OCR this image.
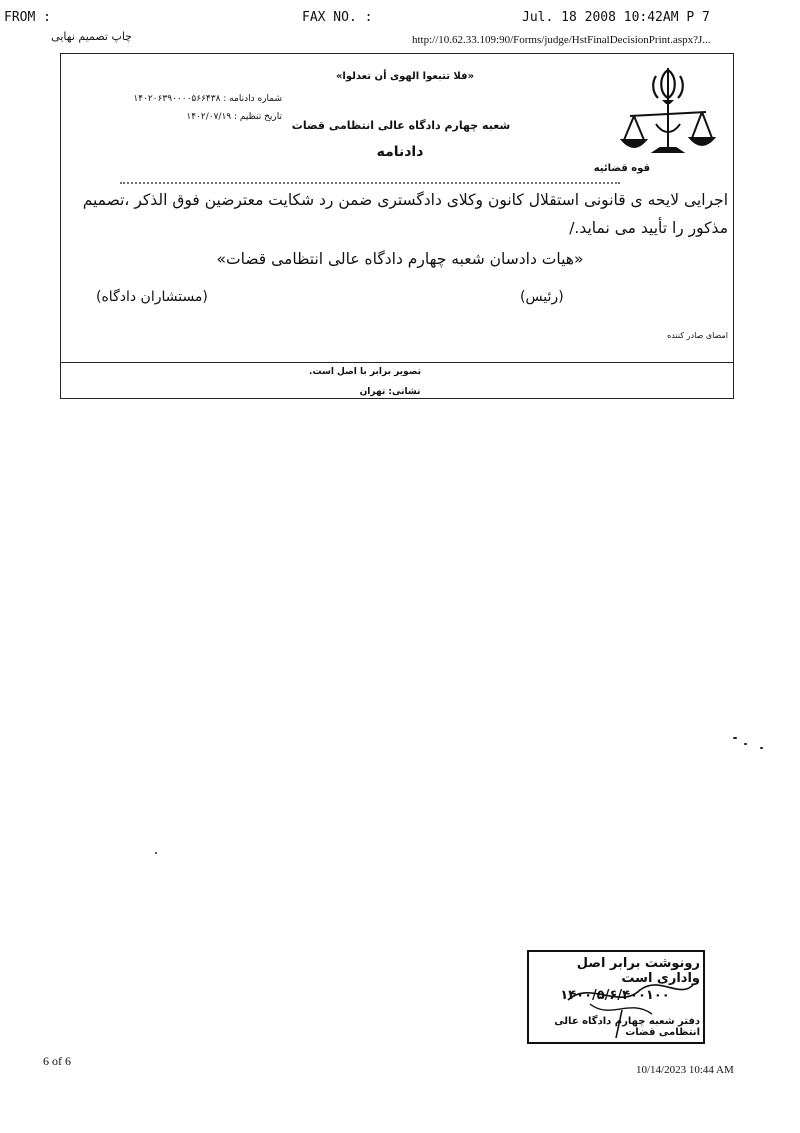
FROM :	FAX NO. :	Jul. 18 2008 10:42AM P 7
چاپ تصمیم نهایی	http://10.62.33.109:90/Forms/judge/HstFinalDecisionPrint.aspx?J...
قوه قضائیه
«فلا تتبعوا الهوی أن تعدلوا»
شعبه چهارم دادگاه عالی انتظامی قضات
دادنامه
شماره دادنامه : ۱۴۰۲۰۶۳۹۰۰۰۰۵۶۶۴۳۸
تاریخ تنظیم : ۱۴۰۲/۰۷/۱۹
اجرایی لایحه ی قانونی استقلال کانون وکلای دادگستری ضمن رد شکایت معترضین فوق الذکر ،تصمیم مذکور را تأیید می نماید./
«هیات دادسان شعبه چهارم دادگاه عالی انتظامی قضات»
(رئیس)
(مستشاران دادگاه)
امضای صادر کننده
تصویر برابر با اصل است.
نشانی: تهران
رونوشت برابر اصل واداری است
۱۴۰۰/۵/۶/۴۰۰۱۰۰
دفتر شعبه چهارم دادگاه عالی انتظامی قضات
6 of 6
10/14/2023 10:44 AM
